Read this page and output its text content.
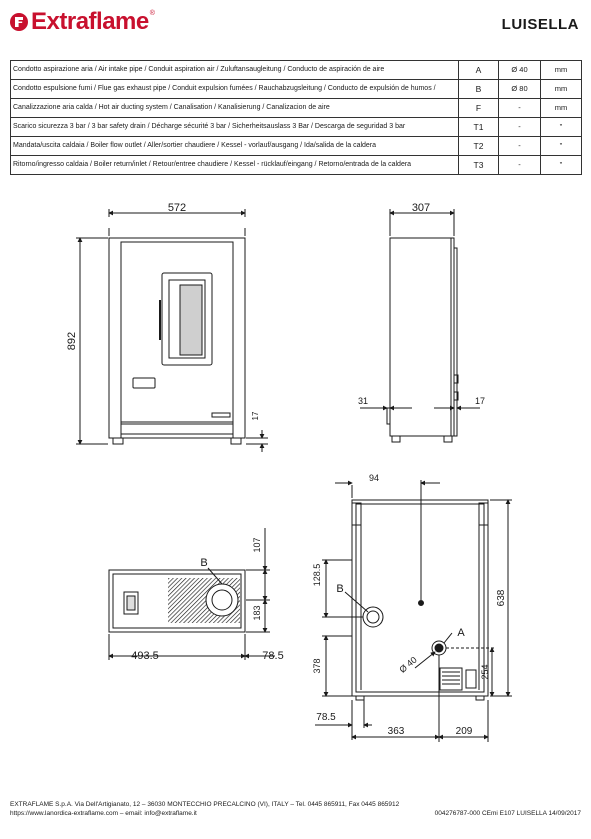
Extraflame ®
LUISELLA
Condotto aspirazione aria / Air intake pipe / Conduit aspiration air / Zuluftansaugleitung / Conducto de aspiración de aire	A	Ø 40	mm
Condotto espulsione fumi / Flue gas exhaust pipe / Conduit expulsion fumées / Rauchabzugsleitung / Conducto de expulsión de humos /	B	Ø 80	mm
Canalizzazione aria calda / Hot air ducting system / Canalisation / Kanalisierung / Canalizacion de aire	F	-	mm
Scarico sicurezza 3 bar / 3 bar safety drain / Décharge sécurité 3 bar / Sicherheitsauslass 3 Bar / Descarga de seguridad 3 bar	T1	-	"
Mandata/uscita caldaia / Boiler flow outlet / Aller/sortier chaudiere / Kessel - vorlauf/ausgang / Ida/salida de la caldera	T2	-	"
Ritorno/ingresso caldaia / Boiler return/inlet / Retour/entree chaudiere / Kessel - rücklauf/eingang / Retorno/entrada de la caldera	T3	-	"
572
892
17
307
31	17
B
493.5	78.5
107
183
94
638
254
128.5
378
78.5
363	209
B
A
Ø 40
EXTRAFLAME S.p.A. Via Dell'Artigianato, 12 – 36030 MONTECCHIO PRECALCINO (VI), ITALY – Tel. 0445 865911, Fax 0445 865912
https://www.lanordica-extraflame.com – email: info@extraflame.it	004276787-000 CEmi E107 LUISELLA 14/09/2017
